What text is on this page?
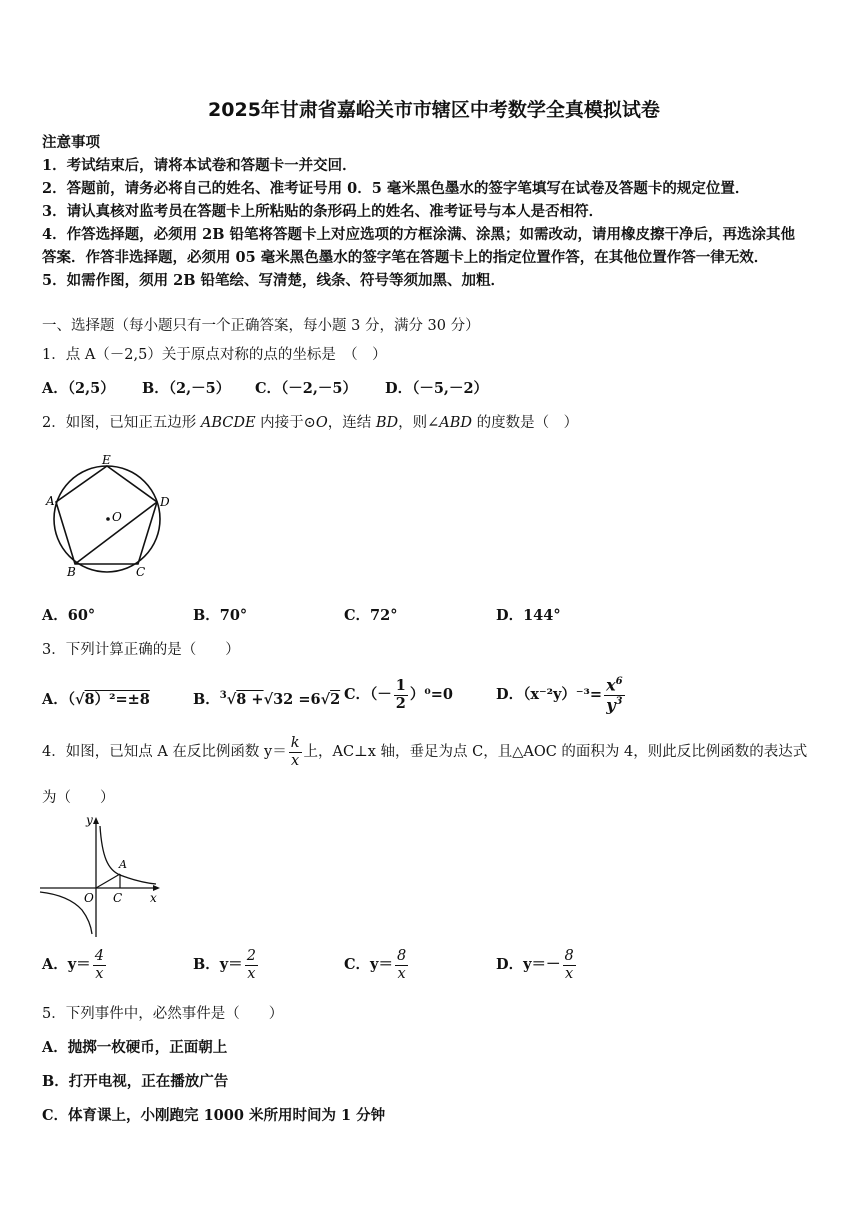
2025年甘肃省嘉峪关市市辖区中考数学全真模拟试卷
注意事项
1．考试结束后，请将本试卷和答题卡一并交回．
2．答题前，请务必将自己的姓名、准考证号用 0．5 毫米黑色墨水的签字笔填写在试卷及答题卡的规定位置．
3．请认真核对监考员在答题卡上所粘贴的条形码上的姓名、准考证号与本人是否相符．
4．作答选择题，必须用 2B 铅笔将答题卡上对应选项的方框涂满、涂黑；如需改动，请用橡皮擦干净后，再选涂其他
答案．作答非选择题，必须用 05 毫米黑色墨水的签字笔在答题卡上的指定位置作答，在其他位置作答一律无效．
5．如需作图，须用 2B 铅笔绘、写清楚，线条、符号等须加黑、加粗．
一、选择题（每小题只有一个正确答案，每小题 3 分，满分 30 分）
1．点 A（－2,5）关于原点对称的点的坐标是　（　）
A．（2,5） B．（2,－5） C．（－2,－5） D．（－5,－2）
2．如图，已知正五边形 ABCDE 内接于⊙O，连结 BD，则∠ABD 的度数是（　）
E
A	D
O
B	C
A．60°	B．70°	C．72°	D．144°
3．下列计算正确的是（　　）
A．（√8）²=±8	B．$^3$√8 +√32 =6√2 C．（－ $\frac{1}{2} )^0=0$	D．$(x^{-2}y)^{-3}= \frac{x^6}{y^3}$
4．如图，已知点 A 在反比例函数 $y= \frac{k}{x}$ 上，AC⊥x 轴，垂足为点 C，且△AOC 的面积为 4，则此反比例函数的表达式
为（　　）
y
A
O C x
A．$y= \frac{4}{x}$	B．$y= \frac{2}{x}$	C．$y= \frac{8}{x}$	D．$y=- \frac{8}{x}$
5．下列事件中，必然事件是（　　）
A．抛掷一枚硬币，正面朝上
B．打开电视，正在播放广告
C．体育课上，小刚跑完 1000 米所用时间为 1 分钟
